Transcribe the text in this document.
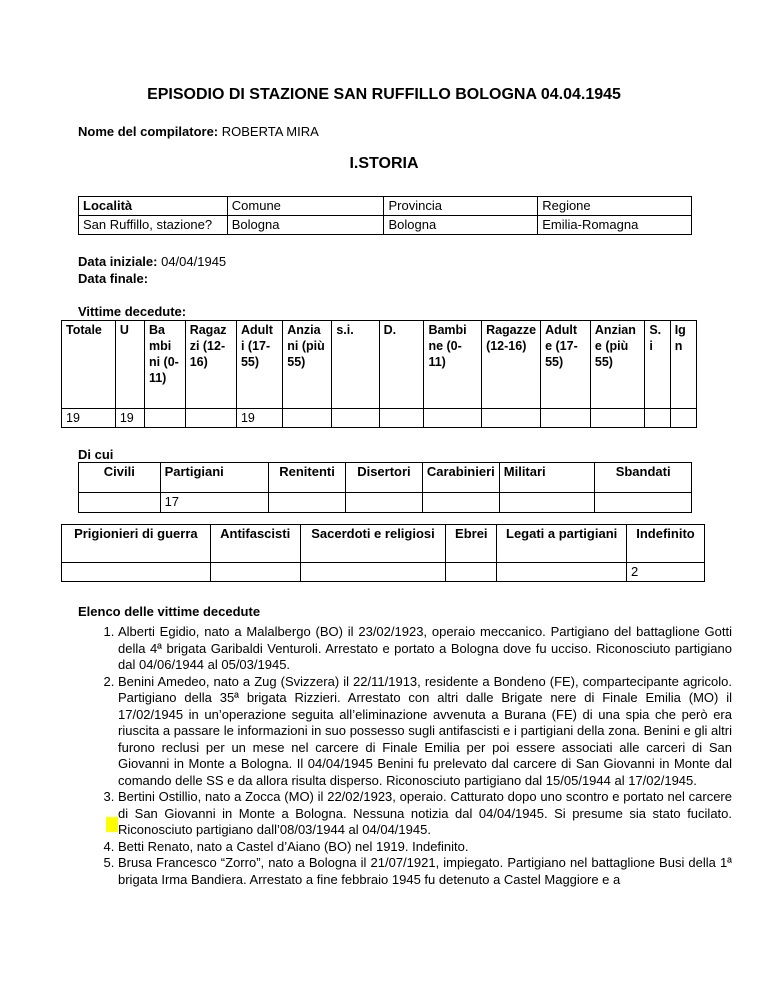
EPISODIO DI STAZIONE SAN RUFFILLO BOLOGNA 04.04.1945
Nome del compilatore: ROBERTA MIRA
I.STORIA
Località	Comune	Provincia	Regione
San Ruffillo, stazione?	Bologna	Bologna	Emilia-Romagna
Data iniziale: 04/04/1945
Data finale:
Vittime decedute:
Totale	U	Ba mbi ni (0- 11)	Ragaz zi (12- 16)	Adult i (17- 55)	Anzia ni (più 55)	s.i.	D.	Bambi ne (0- 11)	Ragazze (12-16)	Adult e (17- 55)	Anzian e (più 55)	S. i	Ig n
19	19			19									
Di cui
Civili	Partigiani	Renitenti	Disertori	Carabinieri	Militari	Sbandati
	17					
Prigionieri di guerra	Antifascisti	Sacerdoti e religiosi	Ebrei	Legati a partigiani	Indefinito
					2
Elenco delle vittime decedute
1. Alberti Egidio, nato a Malalbergo (BO) il 23/02/1923, operaio meccanico. Partigiano del battaglione Gotti della 4ª brigata Garibaldi Venturoli. Arrestato e portato a Bologna dove fu ucciso. Riconosciuto partigiano dal 04/06/1944 al 05/03/1945.
2. Benini Amedeo, nato a Zug (Svizzera) il 22/11/1913, residente a Bondeno (FE), compartecipante agricolo. Partigiano della 35ª brigata Rizzieri. Arrestato con altri dalle Brigate nere di Finale Emilia (MO) il 17/02/1945 in un’operazione seguita all’eliminazione avvenuta a Burana (FE) di una spia che però era riuscita a passare le informazioni in suo possesso sugli antifascisti e i partigiani della zona. Benini e gli altri furono reclusi per un mese nel carcere di Finale Emilia per poi essere associati alle carceri di San Giovanni in Monte a Bologna. Il 04/04/1945 Benini fu prelevato dal carcere di San Giovanni in Monte dal comando delle SS e da allora risulta disperso. Riconosciuto partigiano dal 15/05/1944 al 17/02/1945.
3. Bertini Ostillio, nato a Zocca (MO) il 22/02/1923, operaio. Catturato dopo uno scontro e portato nel carcere di San Giovanni in Monte a Bologna. Nessuna notizia dal 04/04/1945. Si presume sia stato fucilato. Riconosciuto partigiano dall’08/03/1944 al 04/04/1945.
4. Betti Renato, nato a Castel d’Aiano (BO) nel 1919. Indefinito.
5. Brusa Francesco “Zorro”, nato a Bologna il 21/07/1921, impiegato. Partigiano nel battaglione Busi della 1ª brigata Irma Bandiera. Arrestato a fine febbraio 1945 fu detenuto a Castel Maggiore e a
